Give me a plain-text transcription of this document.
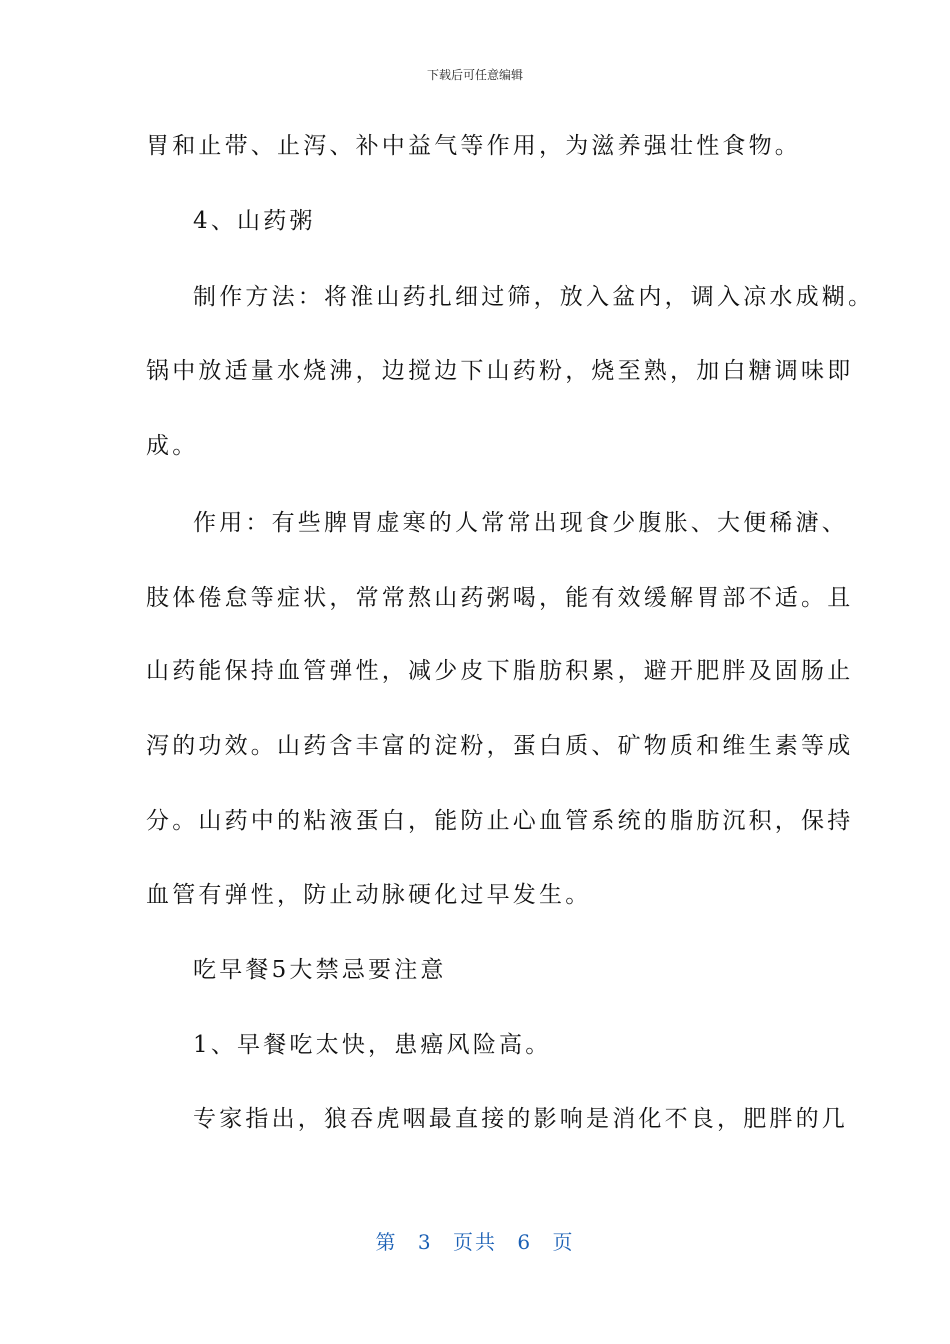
下载后可任意编辑
胃和止带、止泻、补中益气等作用，为滋养强壮性食物。
4、山药粥
制作方法：将淮山药扎细过筛，放入盆内，调入凉水成糊。
锅中放适量水烧沸，边搅边下山药粉，烧至熟，加白糖调味即
成。
作用：有些脾胃虚寒的人常常出现食少腹胀、大便稀溏、
肢体倦怠等症状，常常熬山药粥喝，能有效缓解胃部不适。且
山药能保持血管弹性，减少皮下脂肪积累，避开肥胖及固肠止
泻的功效。山药含丰富的淀粉，蛋白质、矿物质和维生素等成
分。山药中的粘液蛋白，能防止心血管系统的脂肪沉积，保持
血管有弹性，防止动脉硬化过早发生。
吃早餐5大禁忌要注意
1、早餐吃太快，患癌风险高。
专家指出，狼吞虎咽最直接的影响是消化不良，肥胖的几
第 3 页共 6 页
